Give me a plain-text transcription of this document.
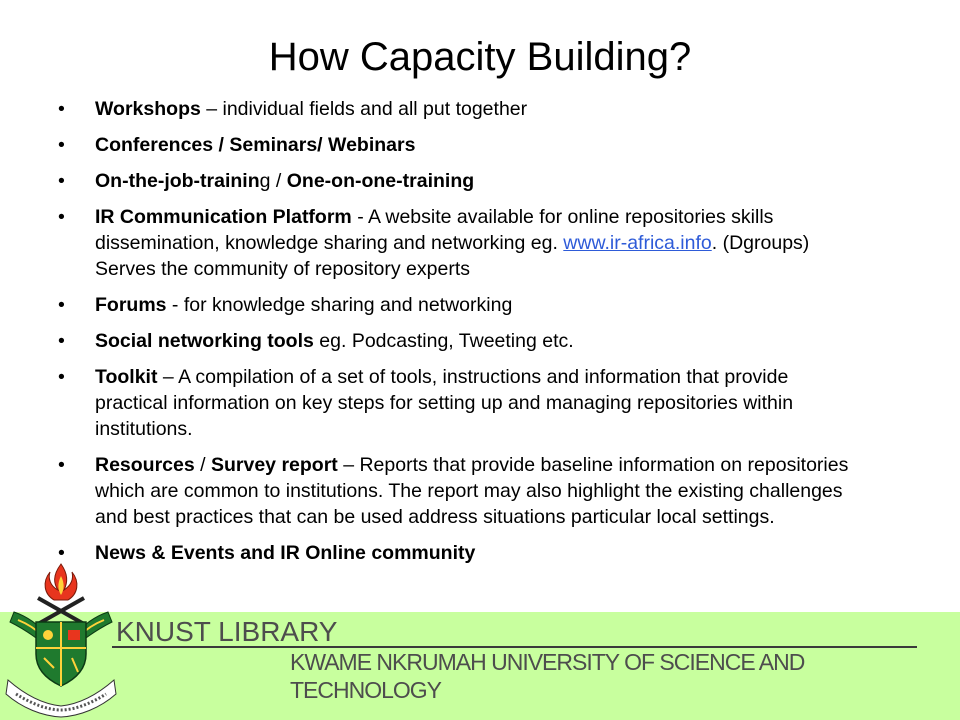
How Capacity Building?
• Workshops – individual fields and all put together
• Conferences / Seminars/ Webinars
• On-the-job-training / One-on-one-training
• IR Communication Platform - A website available for online repositories skills dissemination, knowledge sharing and networking eg. www.ir-africa.info. (Dgroups) Serves the community of repository experts
• Forums - for knowledge sharing and networking
• Social networking tools eg. Podcasting, Tweeting etc.
• Toolkit – A compilation of a set of tools, instructions and information that provide practical information on key steps for setting up and managing repositories within institutions.
• Resources / Survey report – Reports that provide baseline information on repositories which are common to institutions. The report may also highlight the existing challenges and best practices that can be used address situations particular local settings.
• News & Events and IR Online community
KNUST LIBRARY
KWAME NKRUMAH UNIVERSITY OF SCIENCE AND TECHNOLOGY
